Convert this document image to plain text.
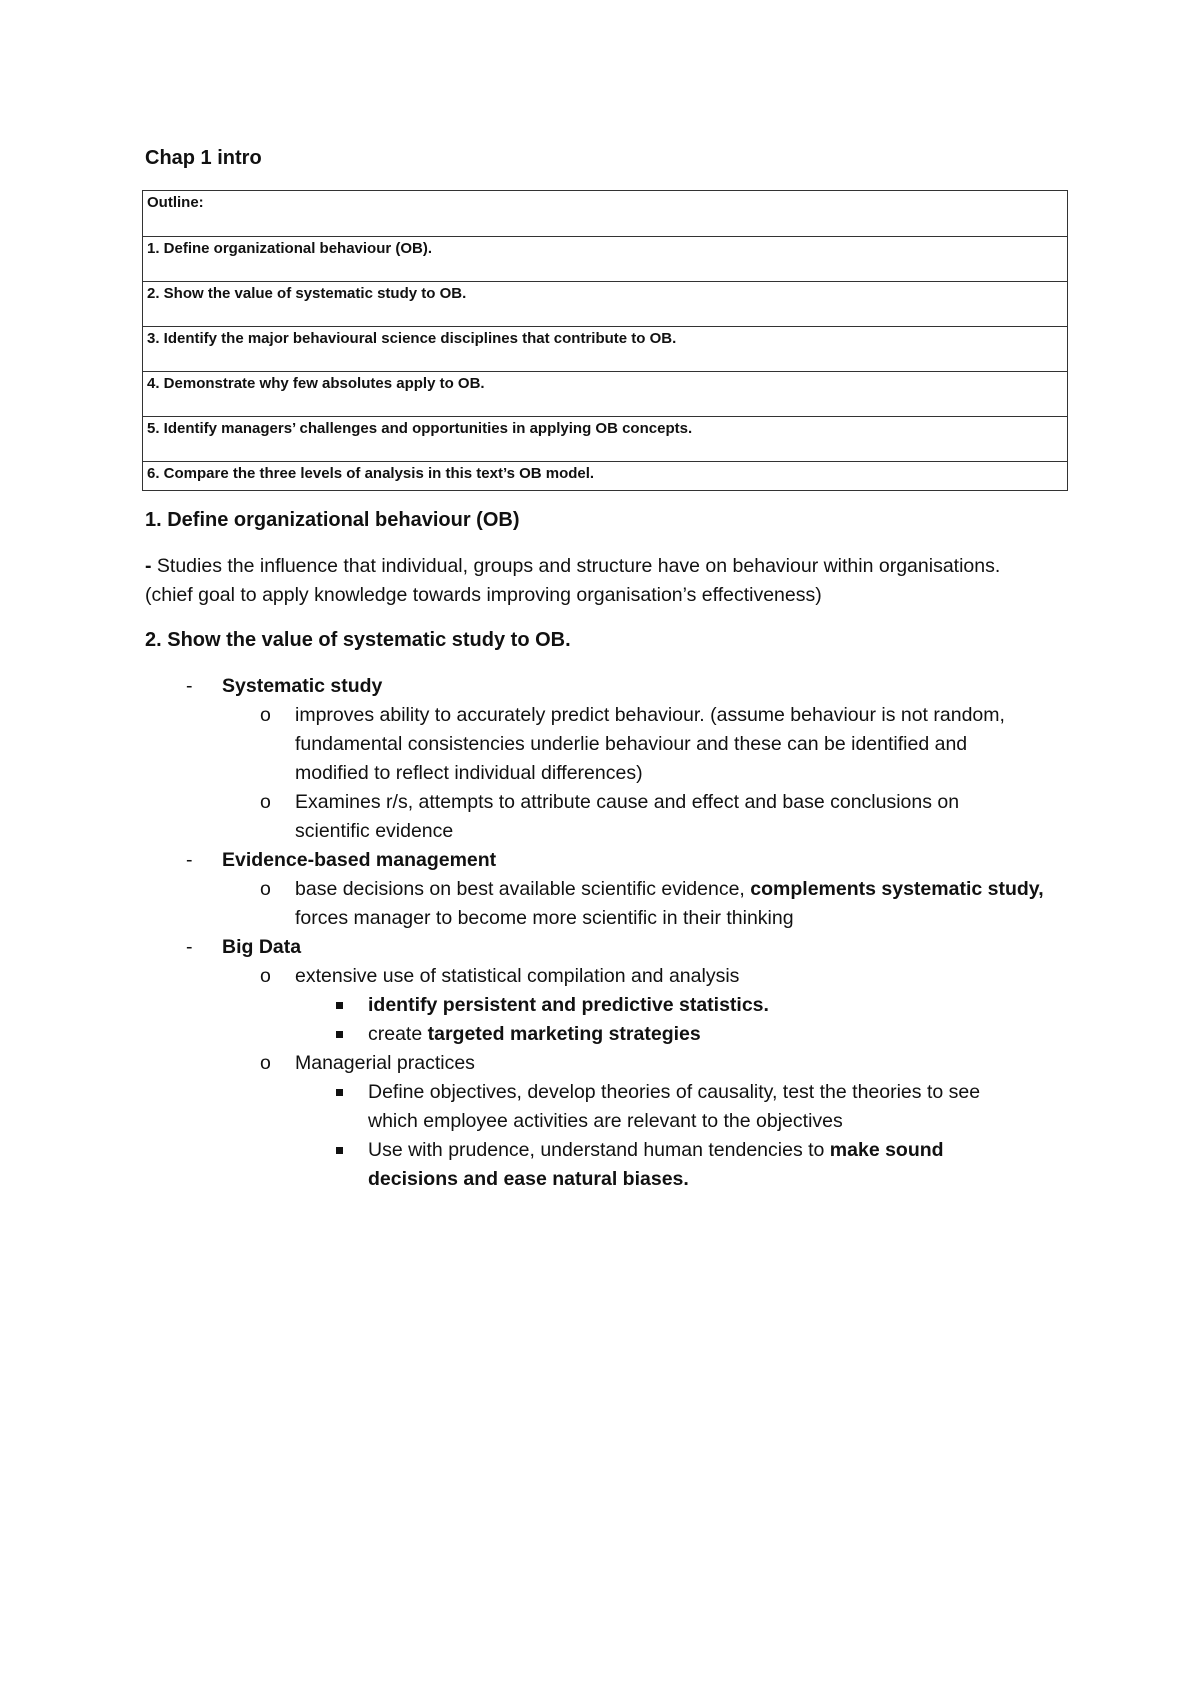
Chap 1 intro
Outline:
1. Define organizational behaviour (OB).
2. Show the value of systematic study to OB.
3. Identify the major behavioural science disciplines that contribute to OB.
4. Demonstrate why few absolutes apply to OB.
5. Identify managers’ challenges and opportunities in applying OB concepts.
6. Compare the three levels of analysis in this text’s OB model.
1. Define organizational behaviour (OB)
- Studies the influence that individual, groups and structure have on behaviour within organisations.
(chief goal to apply knowledge towards improving organisation’s effectiveness)
2. Show the value of systematic study to OB.
- Systematic study
o improves ability to accurately predict behaviour. (assume behaviour is not random,
fundamental consistencies underlie behaviour and these can be identified and
modified to reflect individual differences)
o Examines r/s, attempts to attribute cause and effect and base conclusions on
scientific evidence
- Evidence-based management
o base decisions on best available scientific evidence, complements systematic study,
forces manager to become more scientific in their thinking
- Big Data
o extensive use of statistical compilation and analysis
identify persistent and predictive statistics.
create targeted marketing strategies
o Managerial practices
Define objectives, develop theories of causality, test the theories to see
which employee activities are relevant to the objectives
Use with prudence, understand human tendencies to make sound
decisions and ease natural biases.
